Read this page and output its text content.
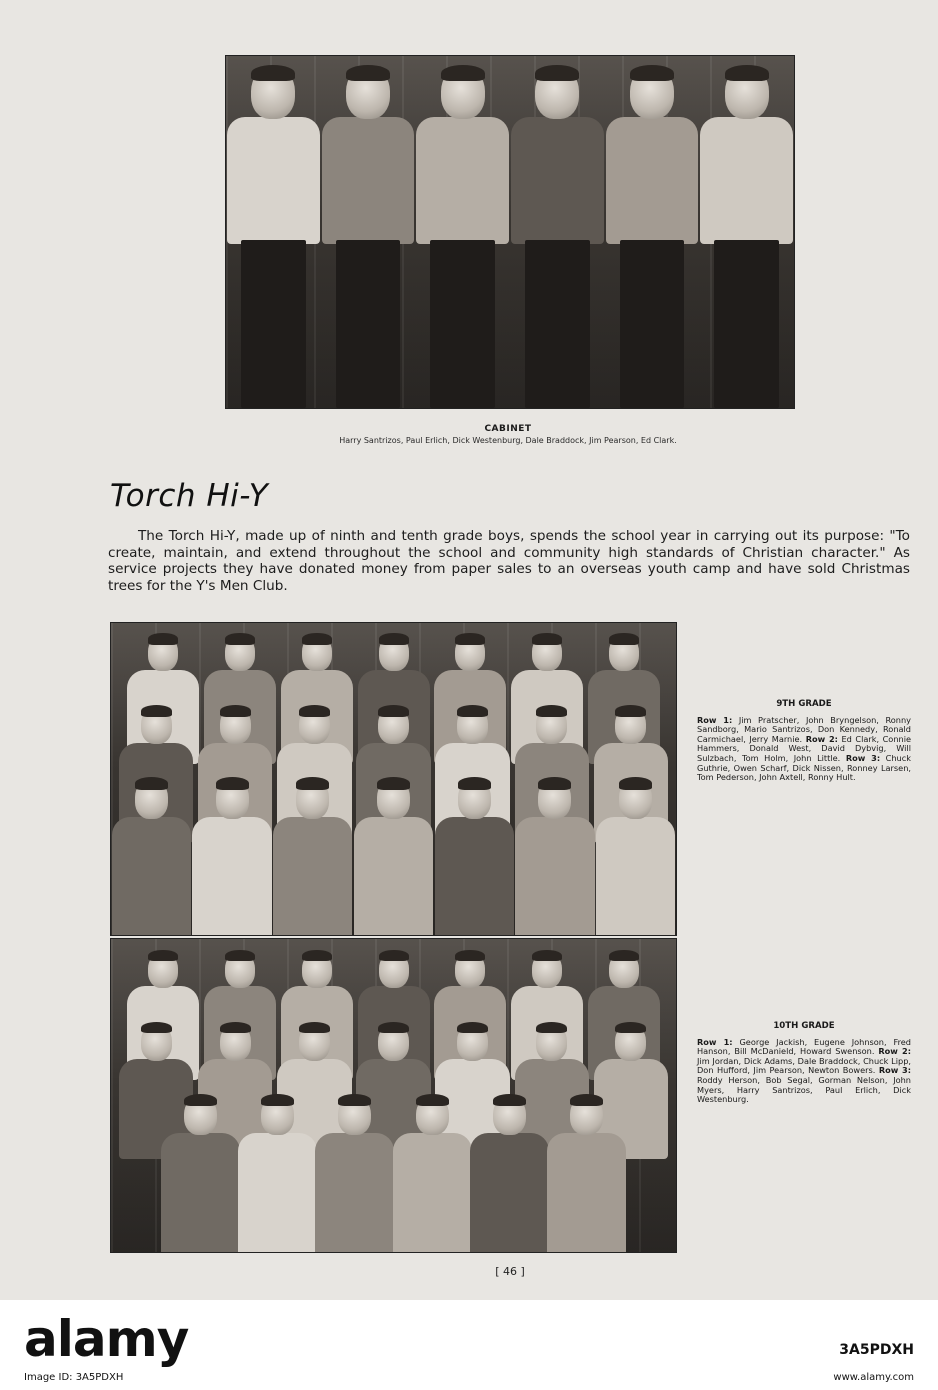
CABINET
Harry Santrizos, Paul Erlich, Dick Westenburg, Dale Braddock, Jim Pearson, Ed Clark.
Torch Hi-Y
The Torch Hi-Y, made up of ninth and tenth grade boys, spends the school year in carrying out its purpose: "To create, maintain, and extend throughout the school and community high standards of Christian character." As service projects they have donated money from paper sales to an overseas youth camp and have sold Christmas trees for the Y's Men Club.
9TH GRADE
Row 1: Jim Pratscher, John Bryngelson, Ronny Sandborg, Mario Santrizos, Don Kennedy, Ronald Carmichael, Jerry Marnie. Row 2: Ed Clark, Connie Hammers, Donald West, David Dybvig, Will Sulzbach, Tom Holm, John Little. Row 3: Chuck Guthrie, Owen Scharf, Dick Nissen, Ronney Larsen, Tom Pederson, John Axtell, Ronny Hult.
10TH GRADE
Row 1: George Jackish, Eugene Johnson, Fred Hanson, Bill McDanield, Howard Swenson. Row 2: Jim Jordan, Dick Adams, Dale Braddock, Chuck Lipp, Don Hufford, Jim Pearson, Newton Bowers. Row 3: Roddy Herson, Bob Segal, Gorman Nelson, John Myers, Harry Santrizos, Paul Erlich, Dick Westenburg.
[ 46 ]
alamy
Image ID: 3A5PDXH
3A5PDXH
www.alamy.com
